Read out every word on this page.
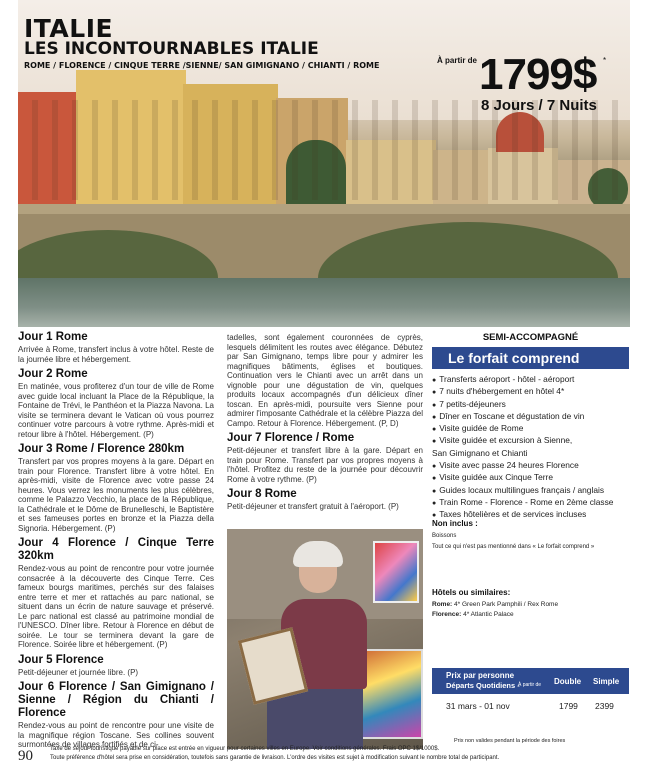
ITALIE
LES INCONTOURNABLES ITALIE
ROME / FLORENCE / CINQUE TERRE /SIENNE/ SAN GIMIGNANO / CHIANTI / ROME
À partir de 1799$ *
8 Jours / 7 Nuits
Jour 1 Rome

Arrivée à Rome, transfert inclus à votre hôtel. Reste de la journée libre et hébergement.

Jour 2 Rome

En matinée, vous profiterez d'un tour de ville de Rome avec guide local incluant la Place de la République, la Fontaine de Trévi, le Panthéon et la Piazza Navona. La visite se terminera devant le Vatican où vous pourrez continuer votre parcours à votre rythme. Après-midi et retour libre à l'hôtel. Hébergement. (P)

Jour 3 Rome / Florence 280km

Transfert par vos propres moyens à la gare. Départ en train pour Florence. Transfert libre à votre hôtel. En après-midi, visite de Florence avec votre passe 24 heures. Vous verrez les monuments les plus célèbres, comme le Palazzo Vecchio, la place de la République, la Cathédrale et le Dôme de Brunelleschi, le Baptistère et ses fameuses portes en bronze et la Piazza della Signoria. Hébergement. (P)

Jour 4 Florence / Cinque Terre 320km

Rendez-vous au point de rencontre pour votre journée consacrée à la découverte des Cinque Terre. Ces fameux bourgs maritimes, perchés sur des falaises entre terre et mer et rattachés au parc national, se situent dans un écrin de nature sauvage et préservé. Le parc national est classé au patrimoine mondial de l'UNESCO. Dîner libre. Retour à Florence en début de soirée. Le tour se terminera devant la gare de Florence. Soirée libre et hébergement. (P)

Jour 5 Florence

Petit-déjeuner et journée libre. (P)

Jour 6 Florence / San Gimignano / Sienne / Région du Chianti / Florence

Rendez-vous au point de rencontre pour une visite de la magnifique région Toscane. Ses collines souvent surmontées de villages fortifiés et de ci-

tadelles, sont également couronnées de cyprès, lesquels délimitent les routes avec élégance. Débutez par San Gimignano, temps libre pour y admirer les magnifiques bâtiments, églises et boutiques. Continuation vers le Chianti avec un arrêt dans un vignoble pour une dégustation de vin, quelques produits locaux accompagnés d'un délicieux dîner toscan. En après-midi, poursuite vers Sienne pour admirer l'imposante Cathédrale et la célèbre Piazza del Campo. Retour à Florence. Hébergement. (P, D)

Jour 7 Florence / Rome

Petit-déjeuner et transfert libre à la gare. Départ en train pour Rome. Transfert par vos propres moyens à l'hôtel. Profitez du reste de la journée pour découvrir Rome à votre rythme. (P)

Jour 8 Rome

Petit-déjeuner et transfert gratuit à l'aéroport. (P)

SEMI-ACCOMPAGNÉ
Le forfait comprend
● Transferts aéroport - hôtel - aéroport
● 7 nuits d'hébergement en hôtel 4*
● 7 petits-déjeuners
● Dîner en Toscane et dégustation de vin
● Visite guidée de Rome
● Visite guidée et excursion à Sienne,
San Gimignano et Chianti
● Visite avec passe 24 heures Florence
● Visite guidée aux Cinque Terre
● Guides locaux multilingues français / anglais
● Train Rome - Florence - Rome en 2ème classe
● Taxes hôtelières et de services incluses
Non inclus :
Boissons
Tout ce qui n'est pas mentionné dans « Le forfait comprend »
Hôtels ou similaires:
Rome: 4* Green Park Pamphili / Rex Rome
Florence: 4* Atlantic Palace
Prix par personne
Départs Quotidiens -
À partir de Double Simple
31 mars - 01 nov	1799 2399
Prix non valides pendant la période des foires
90	Taxe de séjour touristique payable sur place est entrée en vigueur pour certaines villes en Europe. Voir conditions générales. Frais OPC 1$/1000$.
Toute préférence d'hôtel sera prise en considération, toutefois sans garantie de livraison. L'ordre des visites est sujet à modification suivant le nombre total de participant.
